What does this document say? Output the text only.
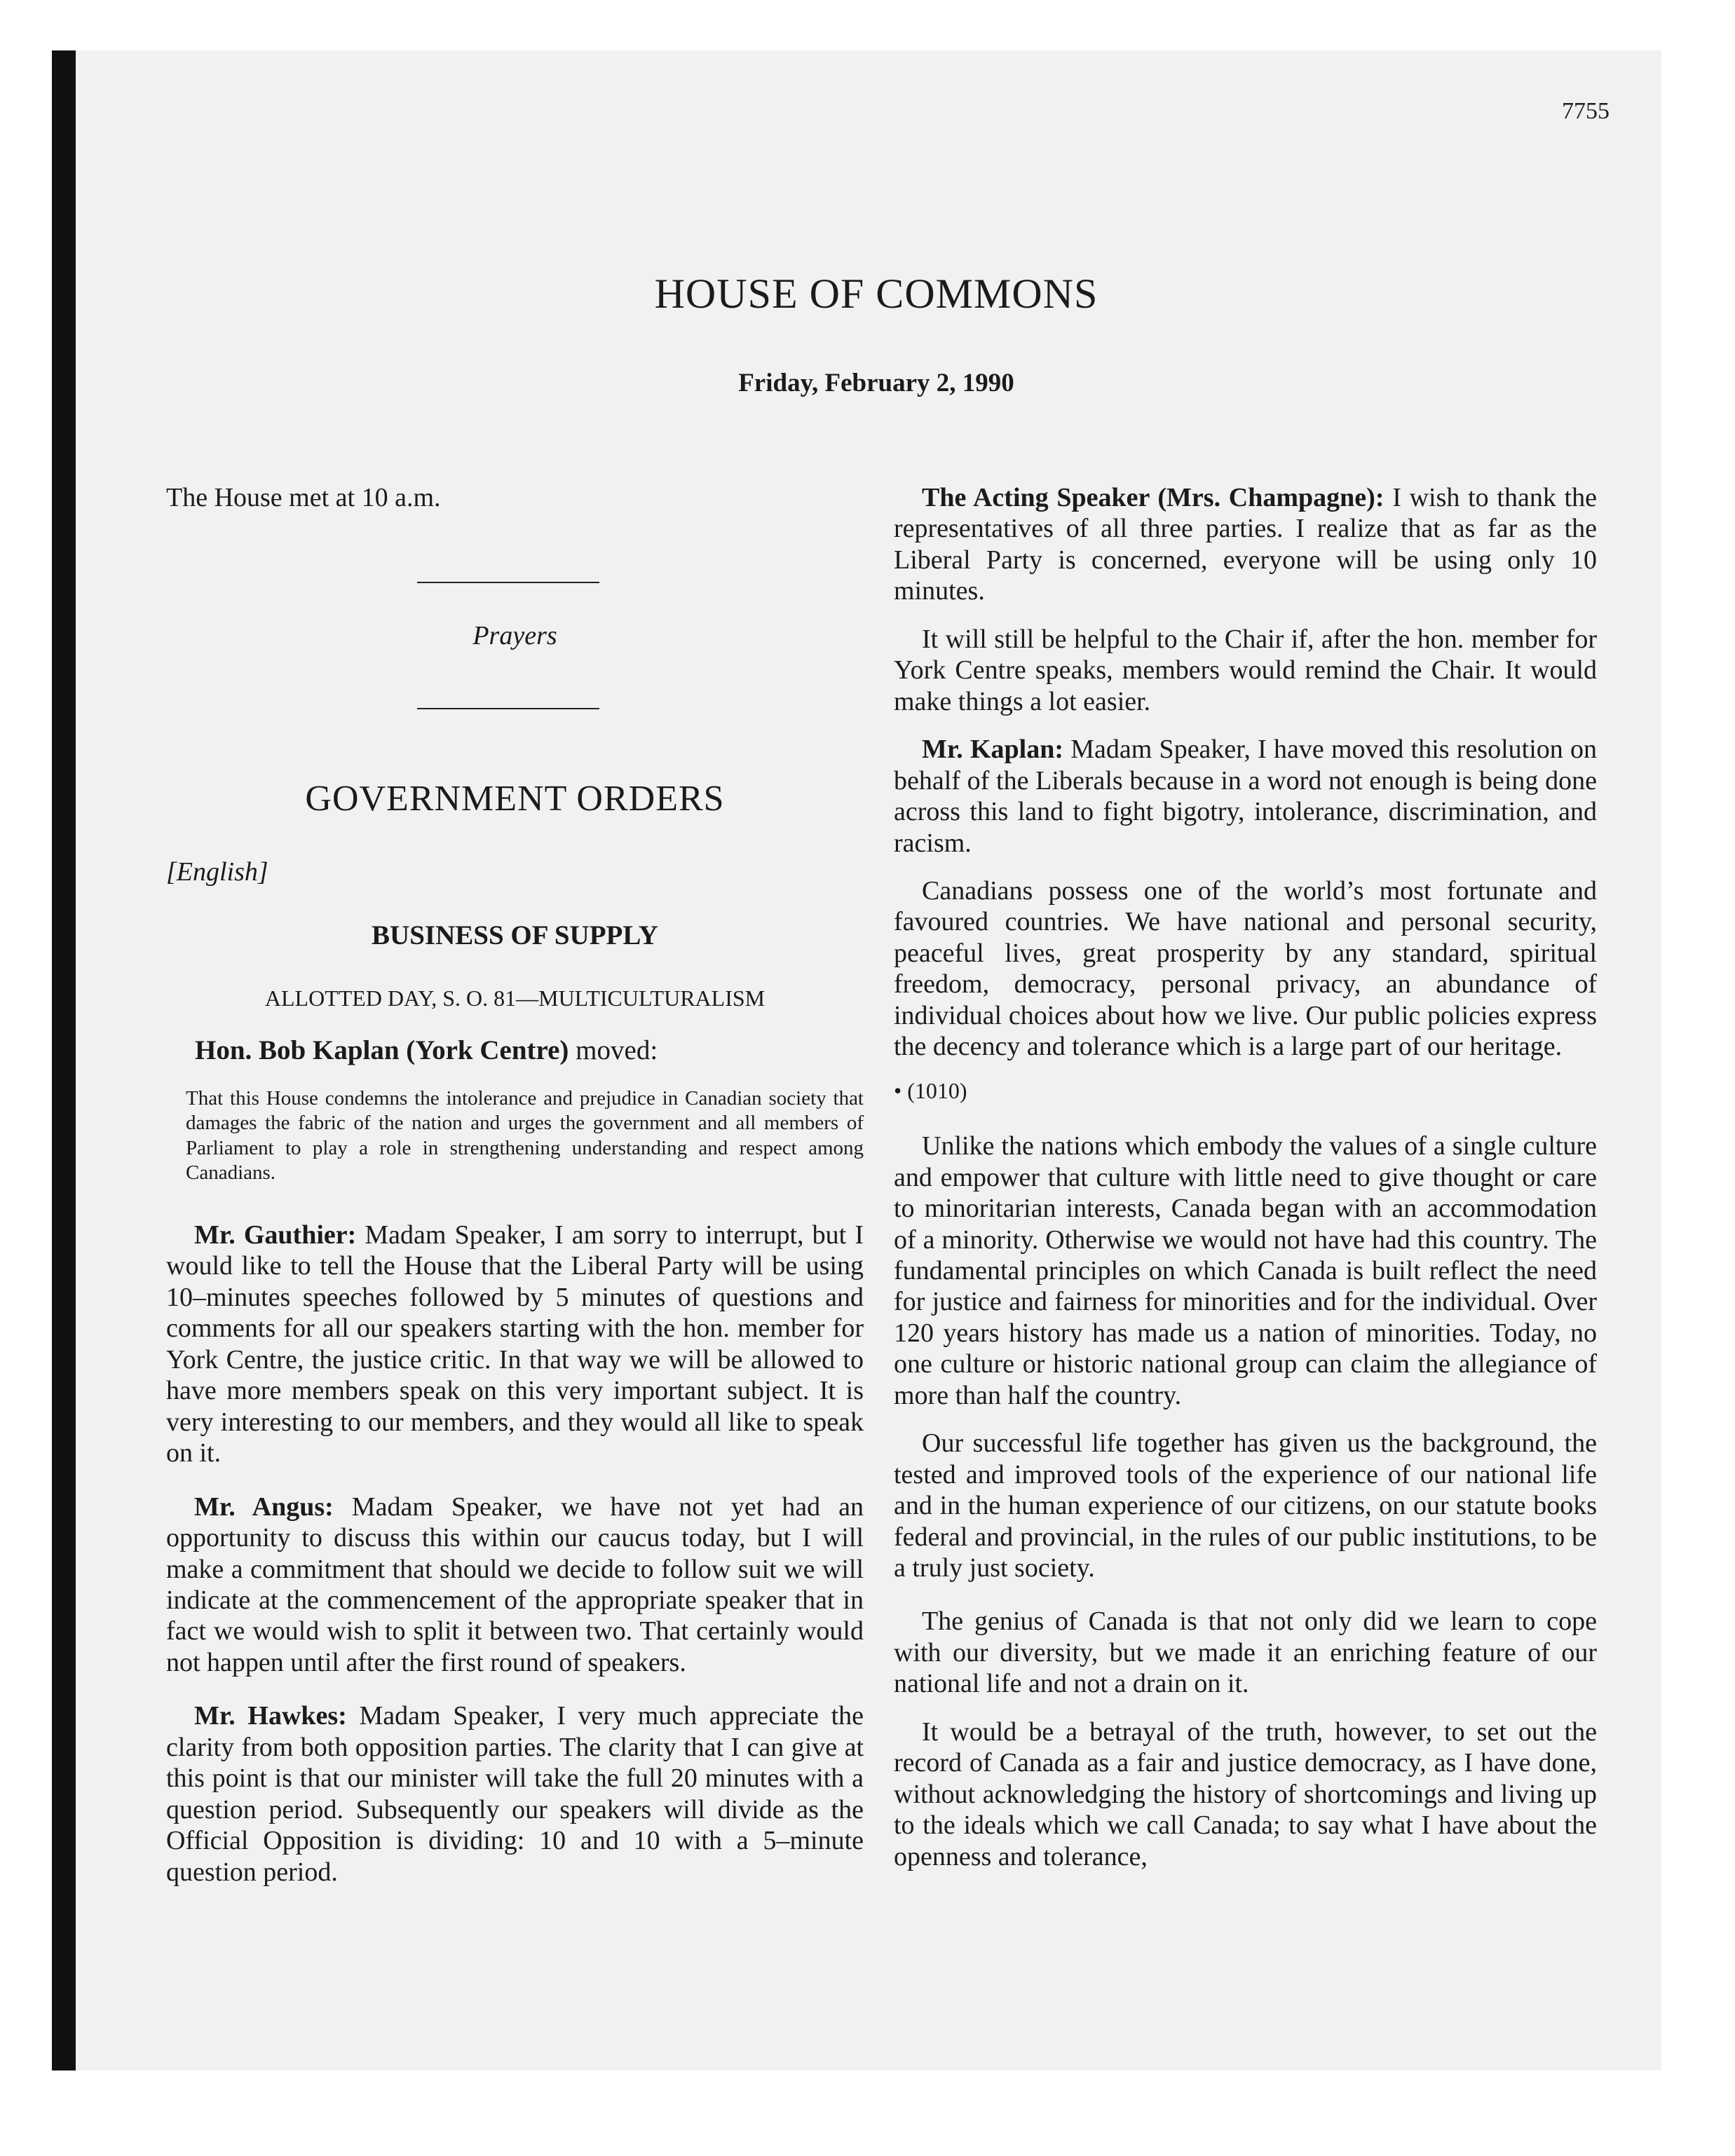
7755
HOUSE OF COMMONS
Friday, February 2, 1990
The House met at 10 a.m.
Prayers
GOVERNMENT ORDERS
[English]
BUSINESS OF SUPPLY
ALLOTTED DAY, S. O. 81—MULTICULTURALISM
Hon. Bob Kaplan (York Centre) moved:
That this House condemns the intolerance and prejudice in Canadian society that damages the fabric of the nation and urges the government and all members of Parliament to play a role in strengthening understanding and respect among Canadians.

Mr. Gauthier: Madam Speaker, I am sorry to interrupt, but I would like to tell the House that the Liberal Party will be using 10–minutes speeches followed by 5 minutes of questions and comments for all our speakers starting with the hon. member for York Centre, the justice critic. In that way we will be allowed to have more members speak on this very important subject. It is very interesting to our members, and they would all like to speak on it.

Mr. Angus: Madam Speaker, we have not yet had an opportunity to discuss this within our caucus today, but I will make a commitment that should we decide to follow suit we will indicate at the commencement of the appropriate speaker that in fact we would wish to split it between two. That certainly would not happen until after the first round of speakers.

Mr. Hawkes: Madam Speaker, I very much appreciate the clarity from both opposition parties. The clarity that I can give at this point is that our minister will take the full 20 minutes with a question period. Subsequently our speakers will divide as the Official Opposition is dividing: 10 and 10 with a 5–minute question period.

The Acting Speaker (Mrs. Champagne): I wish to thank the representatives of all three parties. I realize that as far as the Liberal Party is concerned, everyone will be using only 10 minutes.

It will still be helpful to the Chair if, after the hon. member for York Centre speaks, members would remind the Chair. It would make things a lot easier.

Mr. Kaplan: Madam Speaker, I have moved this resolution on behalf of the Liberals because in a word not enough is being done across this land to fight bigotry, intolerance, discrimination, and racism.

Canadians possess one of the world’s most fortunate and favoured countries. We have national and personal security, peaceful lives, great prosperity by any standard, spiritual freedom, democracy, personal privacy, an abundance of individual choices about how we live. Our public policies express the decency and tolerance which is a large part of our heritage.

• (1010)

Unlike the nations which embody the values of a single culture and empower that culture with little need to give thought or care to minoritarian interests, Canada began with an accommodation of a minority. Otherwise we would not have had this country. The fundamental principles on which Canada is built reflect the need for justice and fairness for minorities and for the individual. Over 120 years history has made us a nation of minorities. Today, no one culture or historic national group can claim the allegiance of more than half the country.

Our successful life together has given us the background, the tested and improved tools of the experience of our national life and in the human experience of our citizens, on our statute books federal and provincial, in the rules of our public institutions, to be a truly just society.

The genius of Canada is that not only did we learn to cope with our diversity, but we made it an enriching feature of our national life and not a drain on it.

It would be a betrayal of the truth, however, to set out the record of Canada as a fair and justice democracy, as I have done, without acknowledging the history of shortcomings and living up to the ideals which we call Canada; to say what I have about the openness and tolerance,
